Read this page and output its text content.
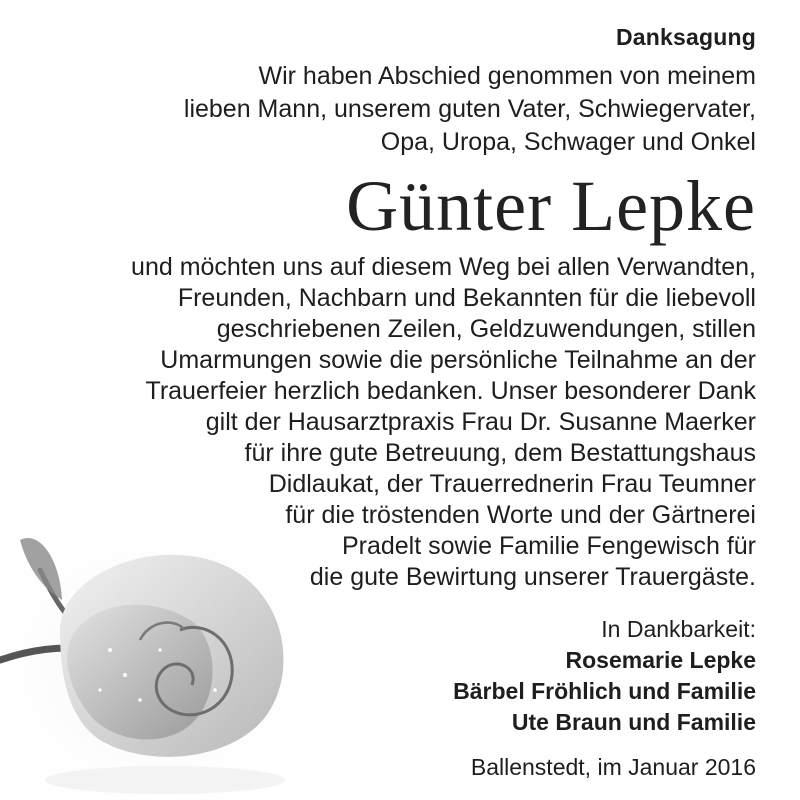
Danksagung
Wir haben Abschied genommen von meinem
lieben Mann, unserem guten Vater, Schwiegervater,
Opa, Uropa, Schwager und Onkel
Günter Lepke
und möchten uns auf diesem Weg bei allen Verwandten,
Freunden, Nachbarn und Bekannten für die liebevoll
geschriebenen Zeilen, Geldzuwendungen, stillen
Umarmungen sowie die persönliche Teilnahme an der
Trauerfeier herzlich bedanken. Unser besonderer Dank
gilt der Hausarztpraxis Frau Dr. Susanne Maerker
für ihre gute Betreuung, dem Bestattungshaus
Didlaukat, der Trauerrednerin Frau Teumner
für die tröstenden Worte und der Gärtnerei
Pradelt sowie Familie Fengewisch für
die gute Bewirtung unserer Trauergäste.
In Dankbarkeit:
Rosemarie Lepke
Bärbel Fröhlich und Familie
Ute Braun und Familie
Ballenstedt, im Januar 2016
